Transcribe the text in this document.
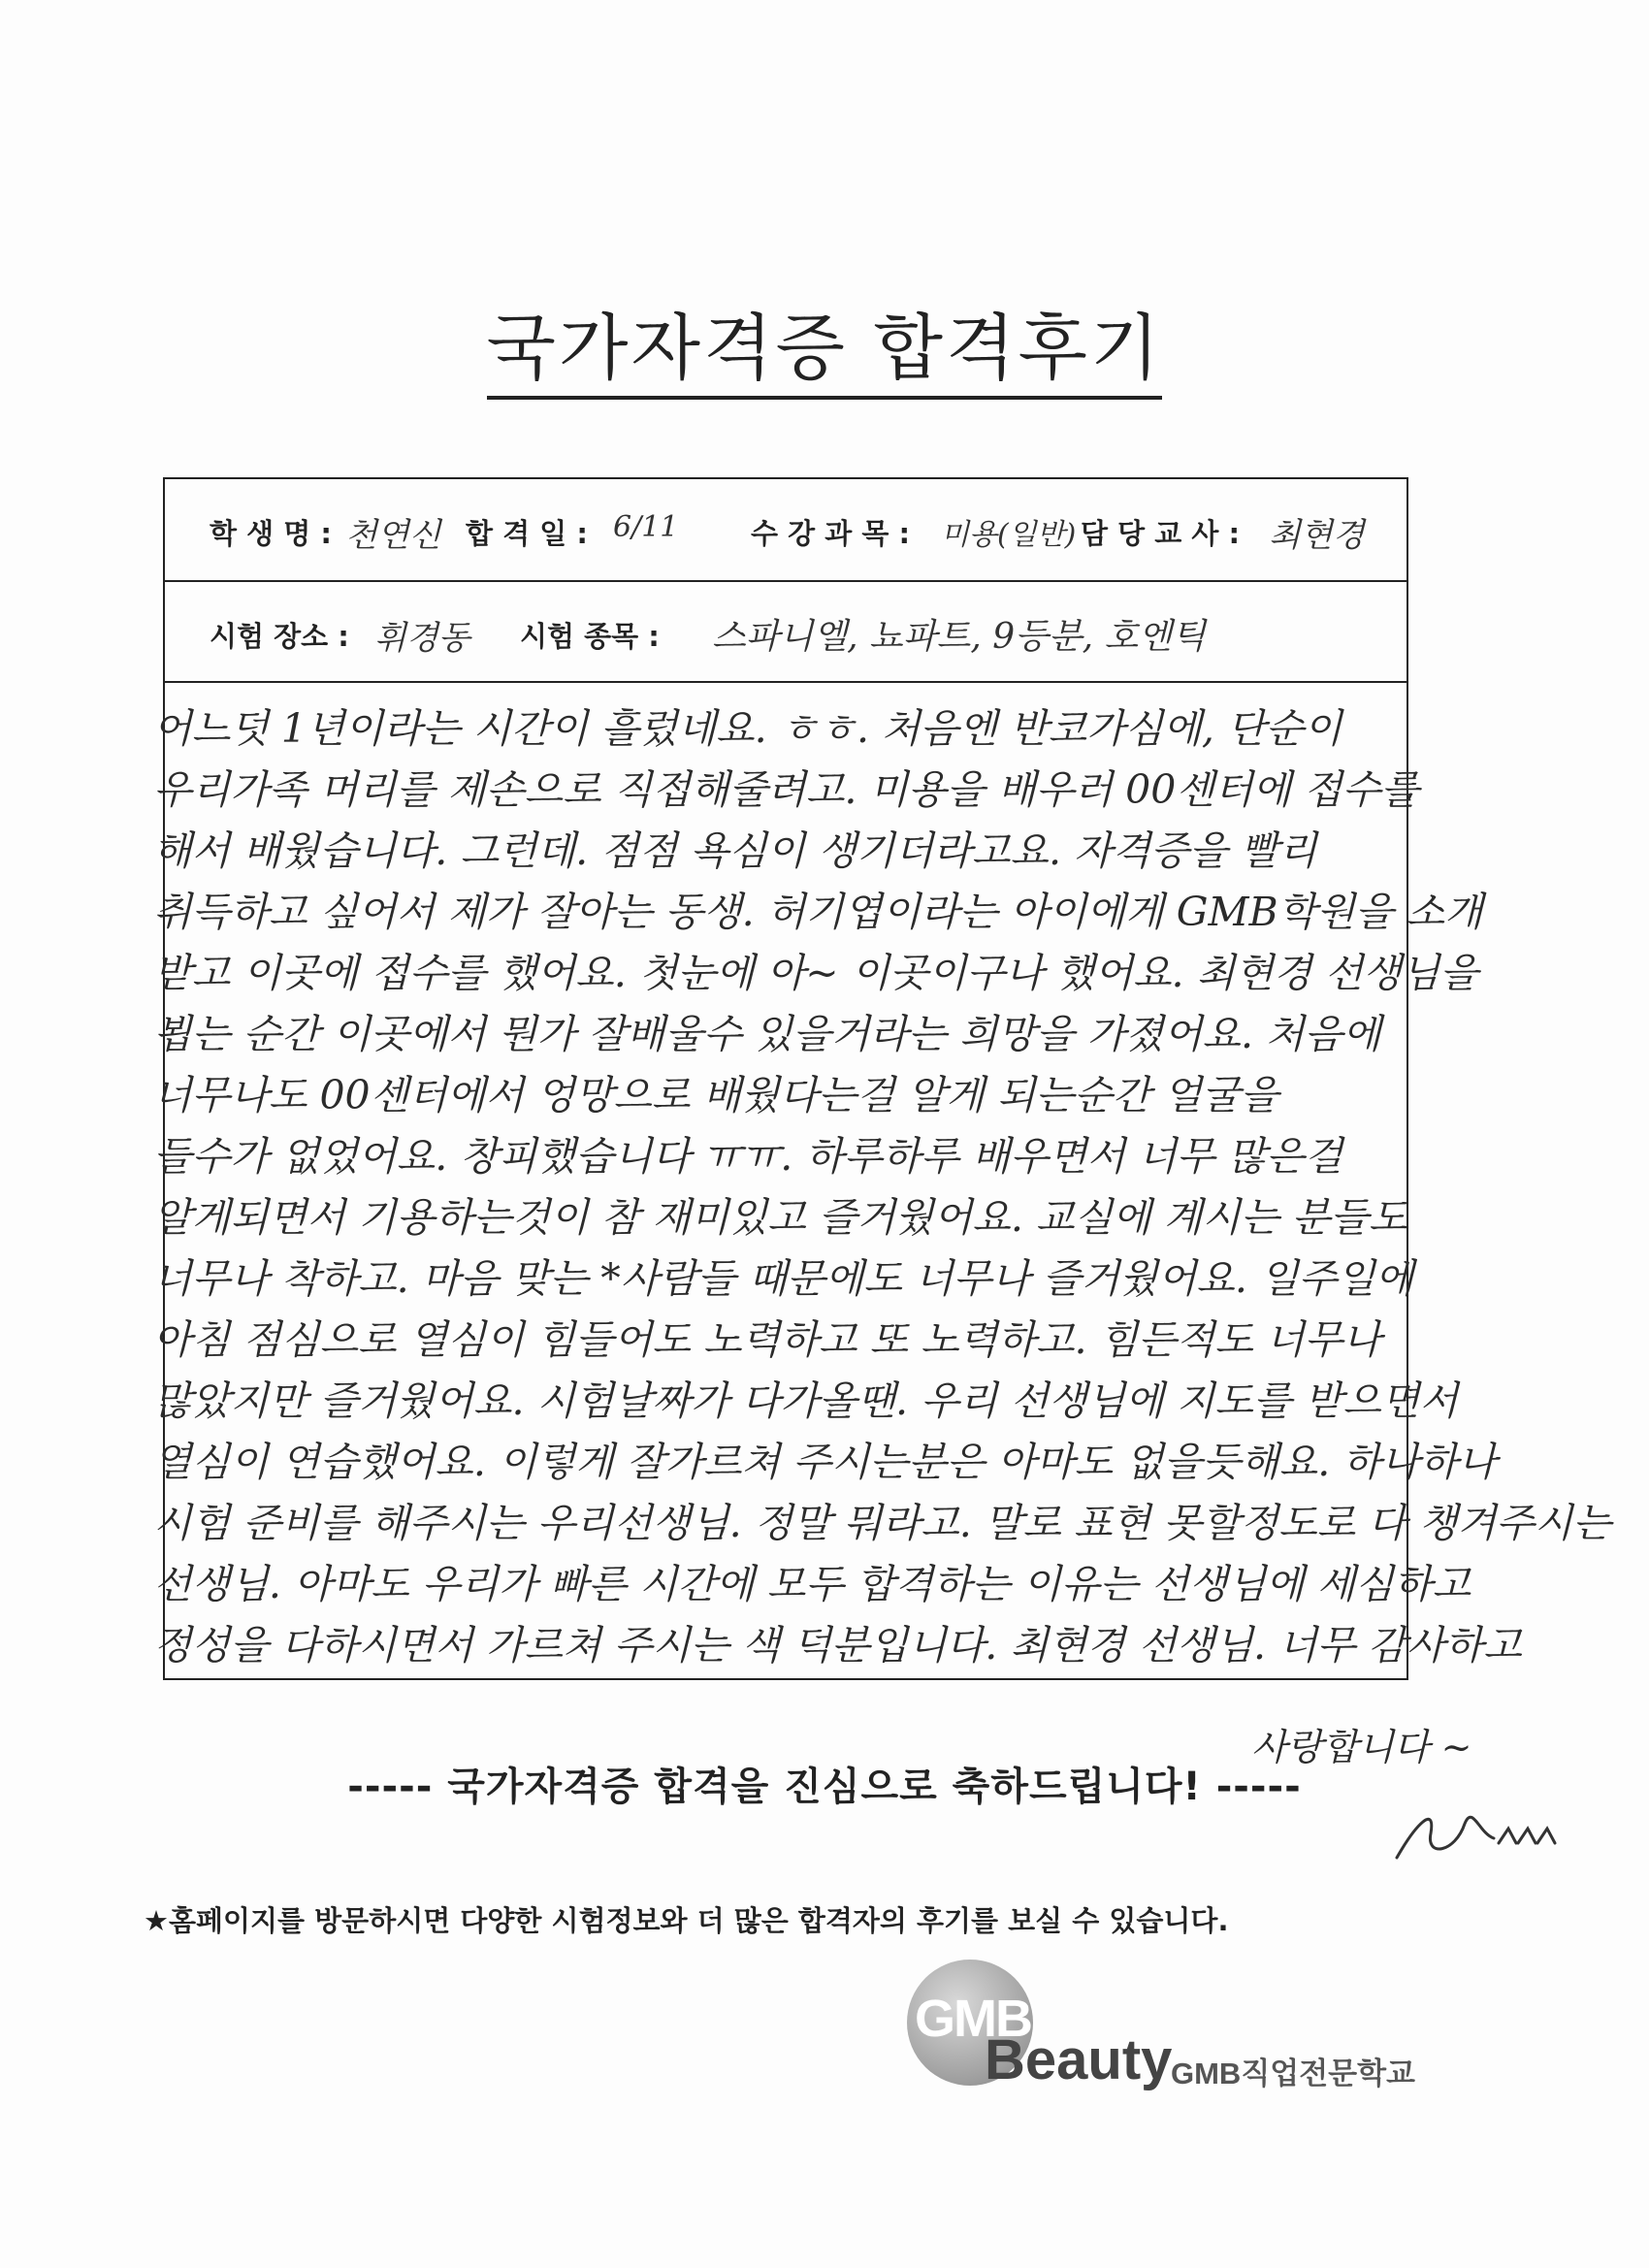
국가자격증 합격후기
학 생 명 : 천연신 합 격 일 : 6/11	수 강 과 목 : 미용(일반) 담 당 교 사 : 최현경
시험 장소 : 휘경동 시험 종목 : 스파니엘, 뇨파트, 9등분, 호엔틱
어느덧 1년이라는 시간이 흘렀네요. ㅎㅎ. 처음엔 반코가심에, 단순이
우리가족 머리를 제손으로 직접해줄려고. 미용을 배우러 00센터에 접수를
해서 배웠습니다. 그런데. 점점 욕심이 생기더라고요. 자격증을 빨리
취득하고 싶어서 제가 잘아는 동생. 허기엽이라는 아이에게 GMB학원을 소개
받고 이곳에 접수를 했어요. 첫눈에 아~ 이곳이구나 했어요. 최현경 선생님을
뵙는 순간 이곳에서 뭔가 잘배울수 있을거라는 희망을 가졌어요. 처음에
너무나도 00센터에서 엉망으로 배웠다는걸 알게 되는순간 얼굴을
들수가 없었어요. 창피했습니다 ㅠㅠ. 하루하루 배우면서 너무 많은걸
알게되면서 기용하는것이 참 재미있고 즐거웠어요. 교실에 계시는 분들도
너무나 착하고. 마음 맞는 *사람들 때문에도 너무나 즐거웠어요. 일주일에
아침 점심으로 열심이 힘들어도 노력하고 또 노력하고. 힘든적도 너무나
많았지만 즐거웠어요. 시험날짜가 다가올땐. 우리 선생님에 지도를 받으면서
열심이 연습했어요. 이렇게 잘가르쳐 주시는분은 아마도 없을듯해요. 하나하나
시험 준비를 해주시는 우리선생님. 정말 뭐라고. 말로 표현 못할정도로 다 챙겨주시는
선생님. 아마도 우리가 빠른 시간에 모두 합격하는 이유는 선생님에 세심하고
정성을 다하시면서 가르쳐 주시는 색 덕분입니다. 최현경 선생님. 너무 감사하고
사랑합니다 ~
----- 국가자격증 합격을 진심으로 축하드립니다! -----
★홈페이지를 방문하시면 다양한 시험정보와 더 많은 합격자의 후기를 보실 수 있습니다.
GMB
Beauty
GMB직업전문학교
